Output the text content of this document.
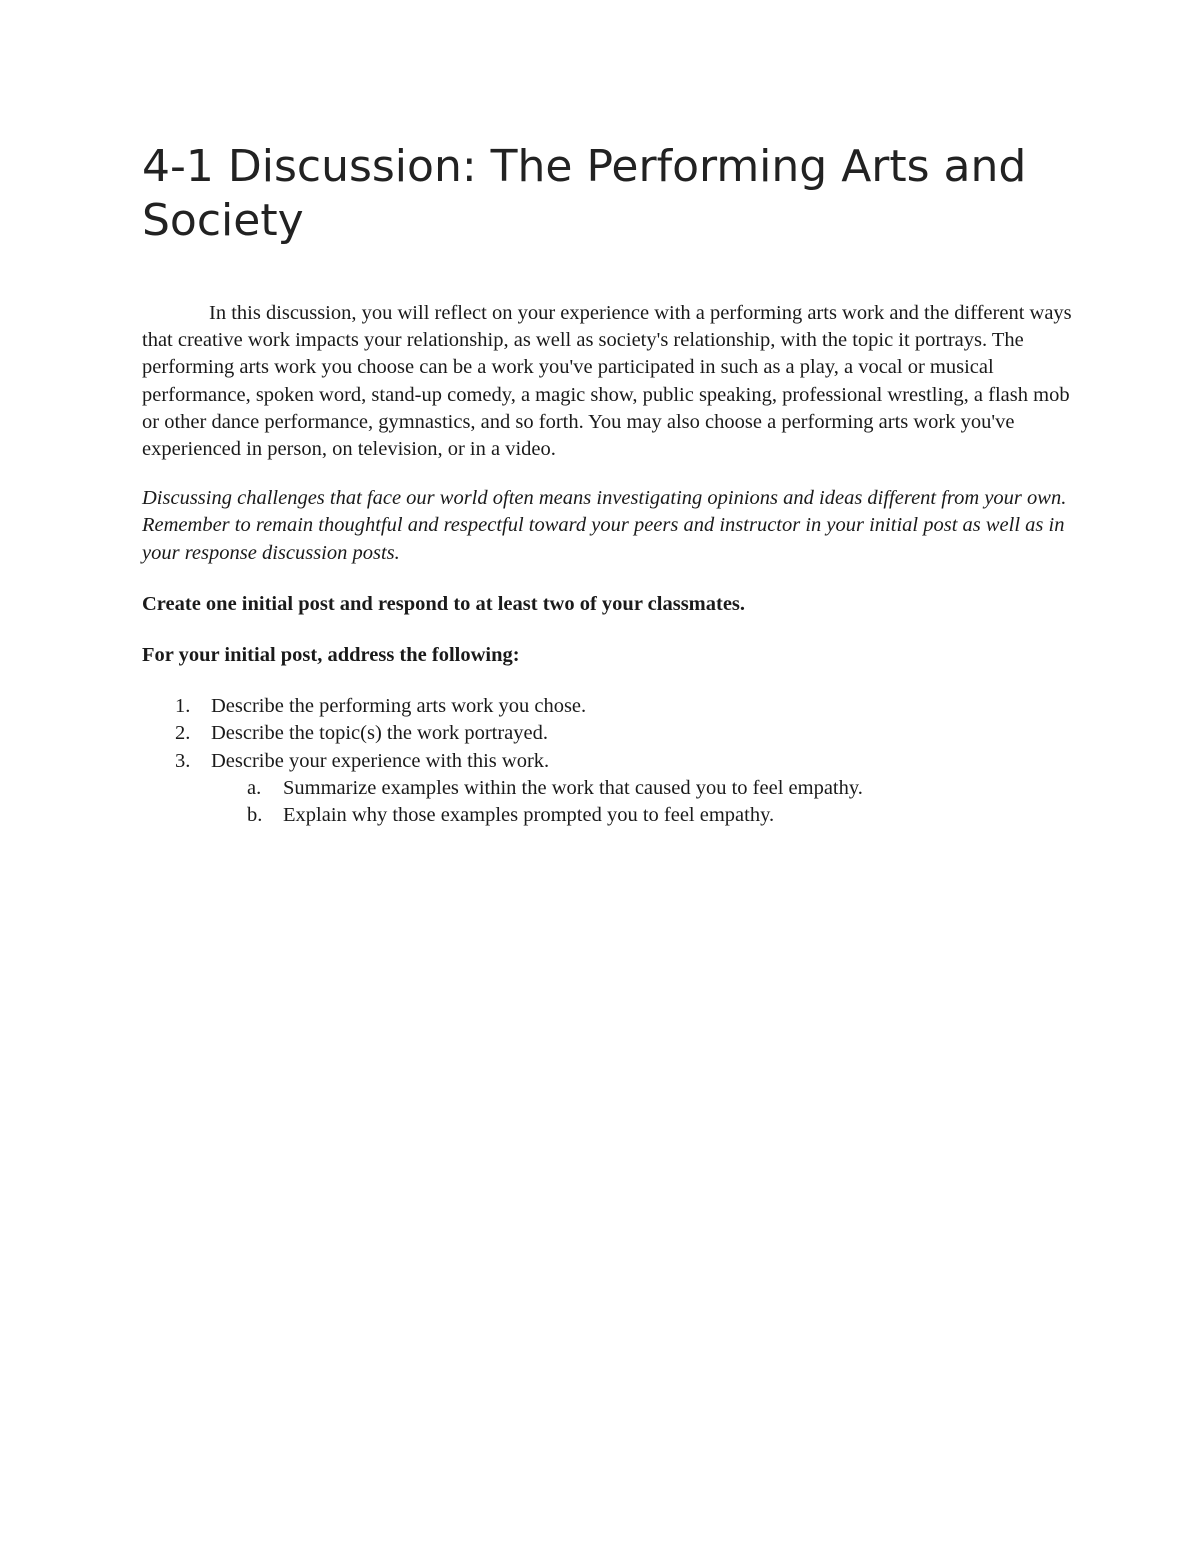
4-1 Discussion: The Performing Arts and Society

In this discussion, you will reflect on your experience with a performing arts work and the different ways that creative work impacts your relationship, as well as society's relationship, with the topic it portrays. The performing arts work you choose can be a work you've participated in such as a play, a vocal or musical performance, spoken word, stand-up comedy, a magic show, public speaking, professional wrestling, a flash mob or other dance performance, gymnastics, and so forth. You may also choose a performing arts work you've experienced in person, on television, or in a video.

Discussing challenges that face our world often means investigating opinions and ideas different from your own. Remember to remain thoughtful and respectful toward your peers and instructor in your initial post as well as in your response discussion posts.

Create one initial post and respond to at least two of your classmates.

For your initial post, address the following:

1.	Describe the performing arts work you chose.
2.	Describe the topic(s) the work portrayed.
3.	Describe your experience with this work.
a.	Summarize examples within the work that caused you to feel empathy.
b.	Explain why those examples prompted you to feel empathy.
